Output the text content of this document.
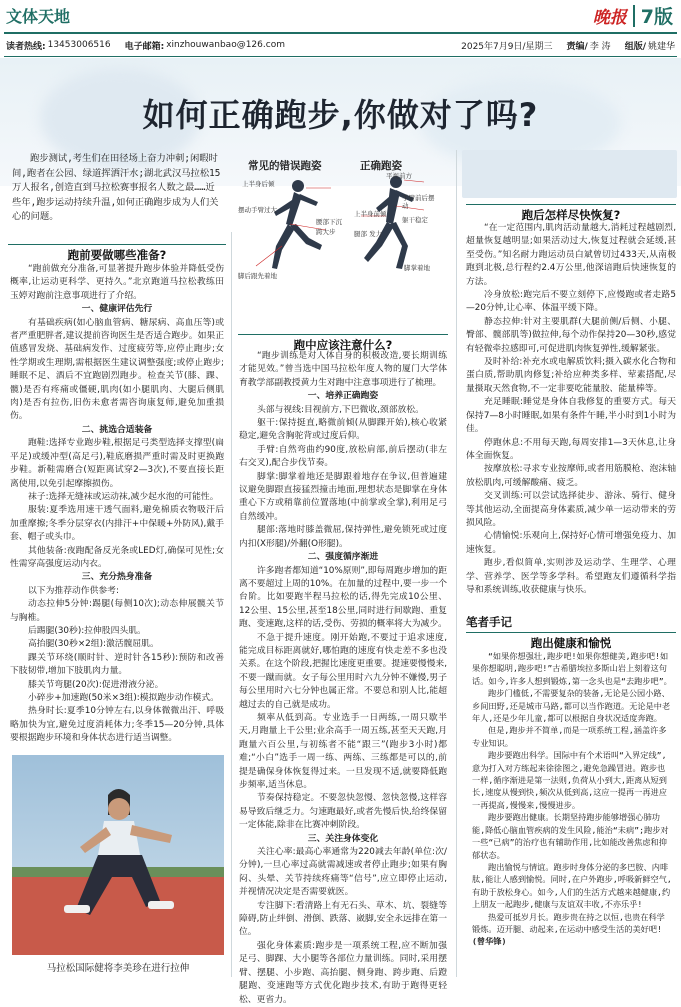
文体天地	晚报 7版
读者热线: 13453006516 电子邮箱: xinzhouwanbao@126.com	2025年7月9日/星期三 责编/ 李 涛 组版/ 姚建华
如何正确跑步,你做对了吗?
跑步测试,考生们在田径场上奋力冲刺;闲暇时间,跑者在公园、绿道挥洒汗水;湖北武汉马拉松15万人报名,创造直到马拉松赛事报名人数之最……近些年,跑步运动持续升温,如何正确跑步成为人们关心的问题。
常见的错误跑姿	正确跑姿
上半身后倾
腰部下沉
跨大步
脚后跟先着地
摆动手臂过大
平视前方
手臂前后摆动
上半身前倾
躯干稳定
腿部 发力
脚掌着地
跑前要做哪些准备?

“跑前做充分准备,可显著提升跑步体验并降低受伤概率,让运动更科学、更持久。”北京跑道马拉松教练田玉婷对跑前注意事项进行了介绍。

一、健康评估先行

有基础疾病(如心脑血管病、糖尿病、高血压等)或者严重肥胖者,建议提前咨询医生是否适合跑步。如果正值感冒发烧、基础病发作、过度疲劳等,应停止跑步;女性学期或生理期,需根据医生建议调整强度;或停止跑步;睡眠不足、酒后不宜跑剧烈跑步。检查关节(膝、踝、髋)是否有疼痛或僵硬,肌肉(如小腿肌肉、大腿后侧肌肉)是否有拉伤,旧伤未愈者需咨询康复师,避免加重损伤。

二、挑选合适装备

跑鞋:选择专业跑步鞋,根据足弓类型选择支撑型(扁平足)或缓冲型(高足弓),鞋底磨损严重时需及时更换跑步鞋。新鞋需磨合(短距离试穿2—3次),不要直接长距离使用,以免引起摩擦损伤。

袜子:选择无缝袜或运动袜,减少起水泡的可能性。

服装:夏季选用速干透气面料,避免棉质衣物吸汗后加重摩擦;冬季分层穿衣(内排汗+中保暖+外防风),戴手套、帽子或头巾。

其他装备:夜跑配备反光条或LED灯,确保可见性;女性需穿高强度运动内衣。

三、充分热身准备

以下为推荐动作供参考:

动态拉伸5分钟:踢腿(每侧10次);动态伸展髋关节与胸椎。

后踢腿(30秒):拉伸股四头肌。

高抬腿(30秒×2组):激活髋屈肌。

踝关节环绕(顺时针、逆时针各15秒):预防和改善下肢韧带,增加下肢肌肉力量。

膝关节弯腿(20次):促进滑液分泌。

小碎步+加速跑(50米×3组):模拟跑步动作模式。

热身时长:夏季10分钟左右,以身体微微出汗、呼吸略加快为宜,避免过度消耗体力;冬季15—20分钟,具体要根据跑步环境和身体状态进行适当调整。

马拉松国际健将李美珍在进行拉伸
跑中应该注意什么?

“跑步训练是对人体自身的积极改造,要长期训练才能见效。”曾当选中国马拉松年度人物的厦门大学体育教学部副教授黄力生对跑中注意事项进行了梳理。

一、培养正确跑姿

头部与视线:目视前方,下巴微收,颈部放松。

躯干:保持挺直,略微前倾(从脚踝开始),核心收紧稳定,避免含胸驼背或过度后仰。

手臂:自然弯曲约90度,放松肩部,前后摆动(非左右交叉),配合步伐节奏。

脚掌:脚掌着地还是脚跟着地存在争议,但普遍建议避免脚跟直接猛烈撞击地面,理想状态是脚掌在身体重心下方或稍靠前位置落地(中前掌或全掌),利用足弓自然缓冲。

腿部:落地时膝盖微屈,保持弹性,避免锁死或过度内扣(X形腿)/外翻(O形腿)。

二、强度循序渐进

许多跑者都知道“10%原则”,即每周跑步增加的距离不要超过上周的10%。在加量的过程中,要一步一个台阶。比如要跑半程马拉松的话,得先完成10公里、12公里、15公里,甚至18公里,同时进行间歇跑、重复跑、变速跑,这样的话,受伤、劳损的概率将大为减少。

不急于提升速度。刚开始跑,不要过于追求速度,能完成目标距离就好,哪怕跑的速度有快走差不多也没关系。在这个阶段,把握比速度更重要。提速要慢慢来,不要一蹴而就。女子每公里用时六九分钟不嫌慢,男子每公里用时六七分钟也属正常。不要总和别人比,能超越过去的自己就是成功。

频率从低到高。专业选手一日两练,一周只歇半天,月跑量上千公里;业余高手一周五练,甚至天天跑,月跑量六百公里,与初练者不能“跟三”(跑步3小时)都难;“小白”选手一周一练、两练、三练都是可以的,前提是确保身体恢复得过来。一旦发现不适,就要降低跑步频率,适当休息。

节奏保持稳定。不要忽快忽慢、忽快忽慢,这样容易导致后继乏力。匀速跑最好,或者先慢后快,给终保留一定体能,除非在比赛冲刺阶段。

三、关注身体变化

关注心率:最高心率通常为220减去年龄(单位:次/分钟),一旦心率过高就需减速或者停止跑步;如果有胸闷、头晕、关节持续疼痛等“信号”,应立即停止运动,并视情况决定是否需要就医。

专注脚下:看清路上有无石头、草木、坑、裂缝等障碍,防止绊倒、滑倒、跌落、崴脚,安全永远排在第一位。

强化身体素质:跑步是一项系统工程,应不断加强足弓、脚踝、大小腿等各部位力量训练。同时,采用摆臂、摆腿、小步跑、高抬腿、侧身跑、跨步跑、后蹬腿跑、变速跑等方式优化跑步技术,有助于跑得更轻松、更省力。

跑后怎样尽快恢复?

“在一定范围内,肌肉活动量越大,消耗过程越剧烈,超量恢复越明显;如果活动过大,恢复过程就会延缓,甚至受伤。”知名耐力跑运动员白斌曾切过433天,从南极跑到北极,总行程约2.4万公里,他深谙跑后快速恢复的方法。

冷身放松:跑完后不要立刻停下,应慢跑或者走路5—20分钟,让心率、体温平缓下降。

静态拉伸:针对主要肌群(大腿前侧/后侧、小腿、臀部、髋部肌等)做拉伸,每个动作保持20—30秒,感觉有轻微牵拉感即可,可促进肌肉恢复弹性,缓解紧张。

及时补给:补充水或电解质饮料;摄入碳水化合物和蛋白质,帮助肌肉修复;补给应种类多样、荤素搭配,尽量摄取天然食物,不一定非要吃能量胶、能量棒等。

充足睡眠:睡觉是身体自我修复的重要方式。每天保持7—8小时睡眠,如果有条件午睡,半小时到1小时为佳。

停跑休息:不用每天跑,每周安排1—3天休息,让身体全面恢复。

按摩放松:寻求专业按摩师,或者用筋膜枪、泡沫轴放松肌肉,可缓解酸痛、疲乏。

交叉训练:可以尝试选择徒步、游泳、骑行、健身等其他运动,全面提高身体素质,减少单一运动带来的劳损风险。

心情愉悦:乐观向上,保持好心情可增强免疫力、加速恢复。

跑步,看似简单,实则涉及运动学、生理学、心理学、营养学、医学等多学科。希望跑友们遵循科学指导和系统训练,收获健康与快乐。

笔者手记
跑出健康和愉悦

“如果你想强壮,跑步吧!如果你想健美,跑步吧!如果你想聪明,跑步吧!”古希腊埃拉多斯山岩上刻着这句话。如今,许多人想到锻炼,第一念头也是“去跑步吧”。

跑步门槛低,不需要复杂的装备,无论是公园小路、乡间田野,还是城市马路,都可以当作跑道。无论是中老年人,还是少年儿童,都可以根据自身状况适度奔跑。

但是,跑步并不简单,而是一项系统工程,涵盖许多专业知识。

跑步要跑出科学。国际中有个术语叫“入界定线”,意为打入对方练起来徐徐图之,避免急躁冒进。跑步也一样,循序渐进是第一法则,负荷从小到大,距离从短到长,速度从慢到快,频次从低到高,这应一提再一再进应一再提高,慢慢来,慢慢进步。

跑步要跑出健康。长期坚持跑步能够增强心肺功能,降低心脑血管疾病的发生风险,能治“未病”;跑步对一些“已病”的治疗也有辅助作用,比如能改善焦虑和抑郁状态。

跑出愉悦与情谊。跑步时身体分泌的多巴胺、内啡肽,能让人感到愉悦。同时,在户外跑步,呼吸新鲜空气,有助于放松身心。如今,人们的生活方式越来越健康,约上朋友一起跑步,健康与友谊双丰收,不亦乐乎!

热爱可抵岁月长。跑步贵在持之以恒,也贵在科学锻炼。迈开腿、动起来,在运动中感受生活的美好吧!(曾华锋)
